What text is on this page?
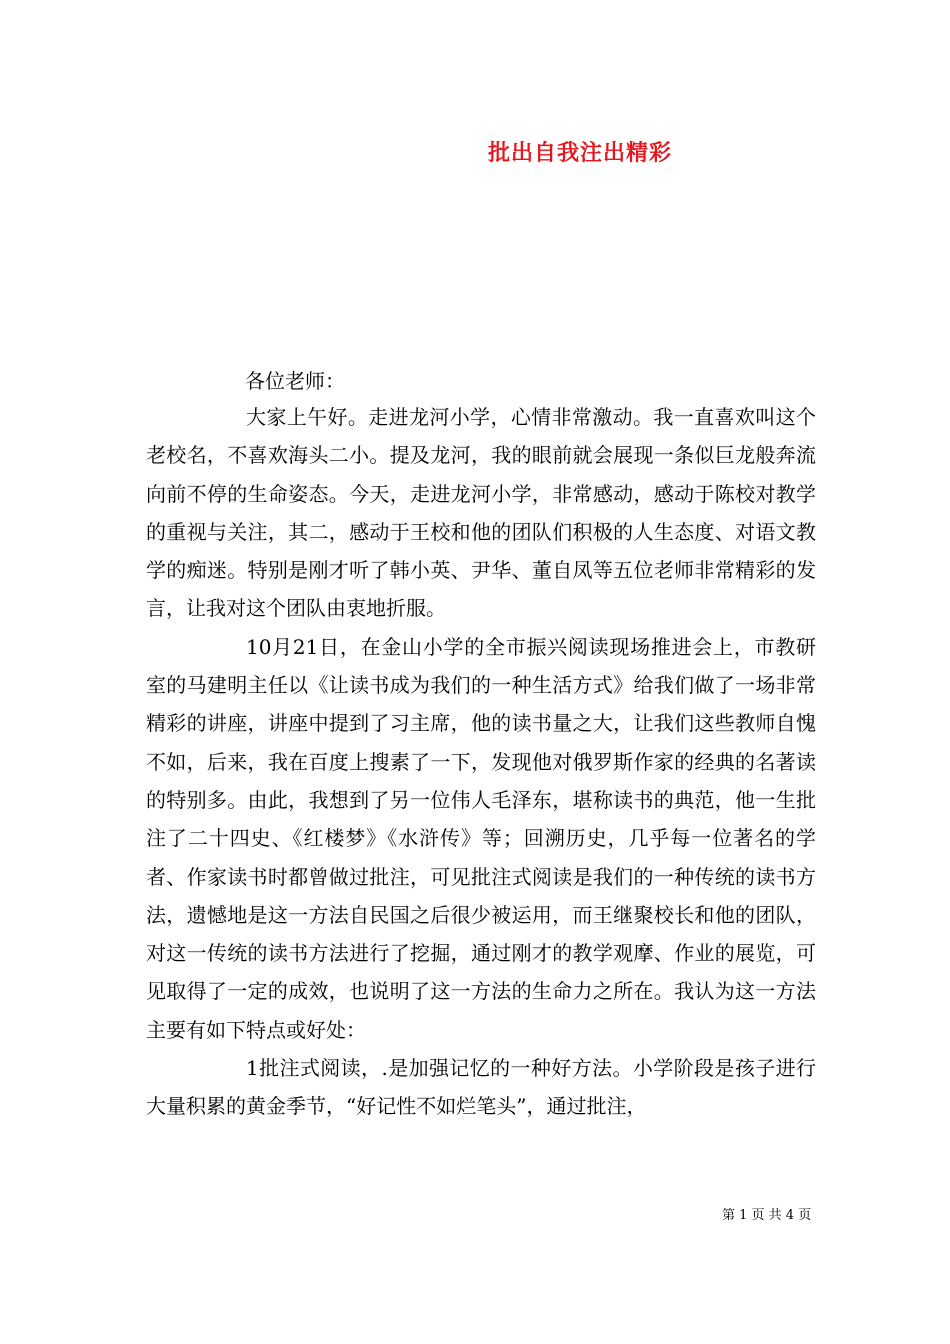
批出自我注出精彩
各位老师：

大家上午好。走进龙河小学，心情非常激动。我一直喜欢叫这个老校名，不喜欢海头二小。提及龙河，我的眼前就会展现一条似巨龙般奔流向前不停的生命姿态。今天，走进龙河小学，非常感动，感动于陈校对教学的重视与关注，其二，感动于王校和他的团队们积极的人生态度、对语文教学的痴迷。特别是刚才听了韩小英、尹华、董自凤等五位老师非常精彩的发言，让我对这个团队由衷地折服。

10月21日，在金山小学的全市振兴阅读现场推进会上，市教研室的马建明主任以《让读书成为我们的一种生活方式》给我们做了一场非常精彩的讲座，讲座中提到了习主席，他的读书量之大，让我们这些教师自愧不如，后来，我在百度上搜素了一下，发现他对俄罗斯作家的经典的名著读的特别多。由此，我想到了另一位伟人毛泽东，堪称读书的典范，他一生批注了二十四史、《红楼梦》《水浒传》等；回溯历史，几乎每一位著名的学者、作家读书时都曾做过批注，可见批注式阅读是我们的一种传统的读书方法，遗憾地是这一方法自民国之后很少被运用，而王继聚校长和他的团队，对这一传统的读书方法进行了挖掘，通过刚才的教学观摩、作业的展览，可见取得了一定的成效，也说明了这一方法的生命力之所在。我认为这一方法主要有如下特点或好处：

1批注式阅读，.是加强记忆的一种好方法。小学阶段是孩子进行大量积累的黄金季节，“好记性不如烂笔头”，通过批注，

第 1 页 共 4 页
